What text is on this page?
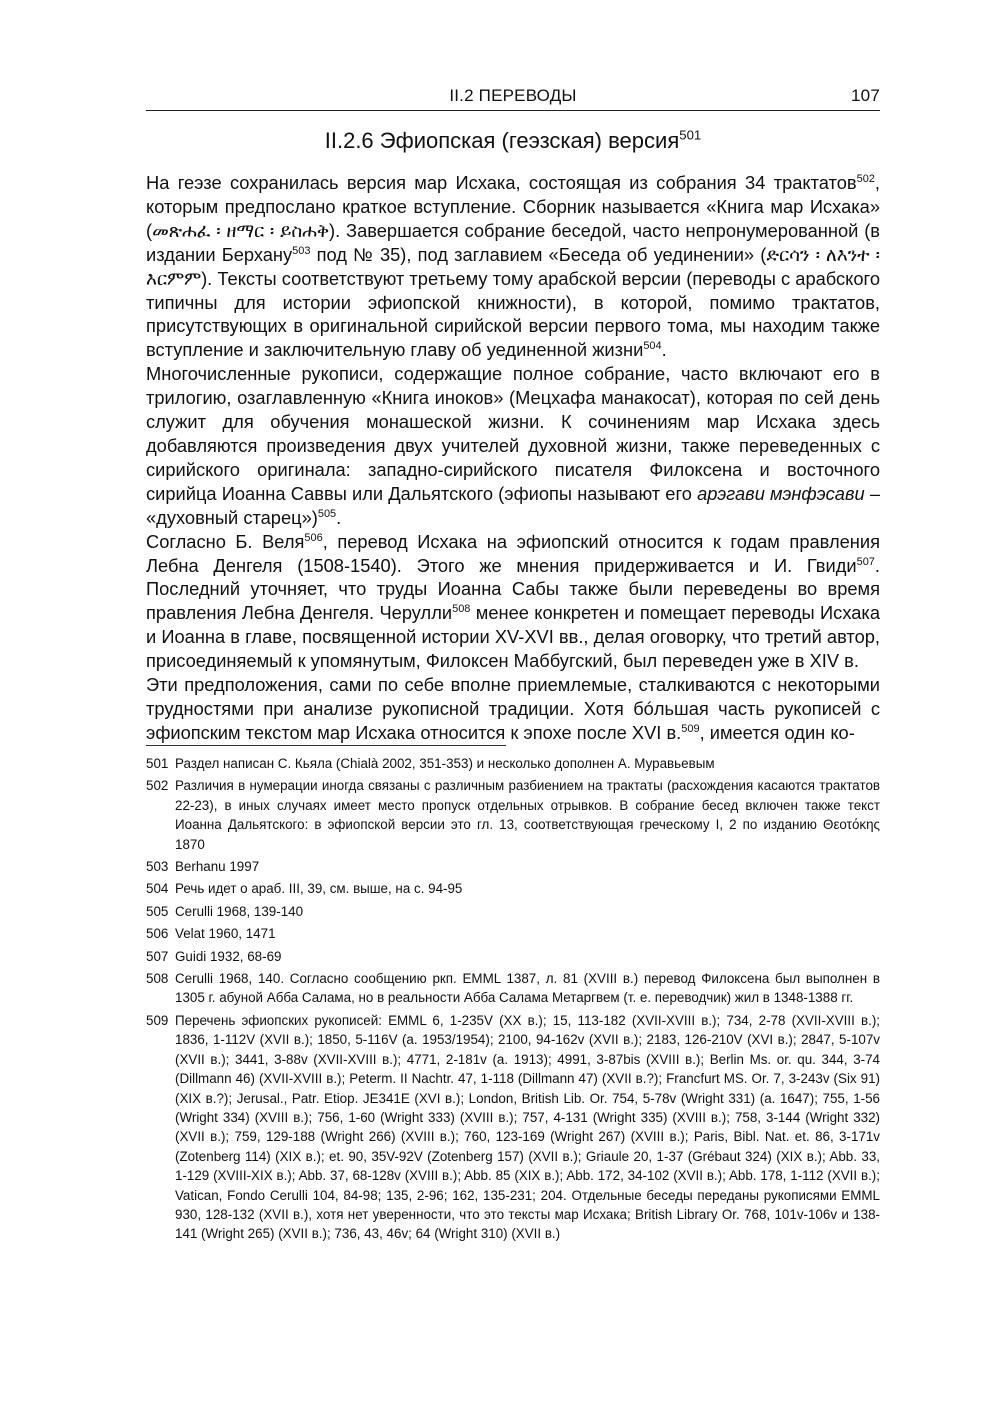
II.2 ПЕРЕВОДЫ	107
II.2.6 Эфиопская (геэзская) версия$^{501}$

На геэзе сохранилась версия мар Исхака, состоящая из собрания 34 трактатов$^{502}$, которым предпослано краткое вступление. Сборник называется «Книга мар Исхака» (መጽሐፈ ፡ ዘማር ፡ ይስሐቅ). Завершается собрание беседой, часто непронумерованной (в издании Берхану$^{503}$ под № 35), под заглавием «Беседа об уединении» (ድርሳን ፡ ለእንተ ፡ እርምም). Тексты соответствуют третьему тому арабской версии (переводы с арабского типичны для истории эфиопской книжности), в которой, помимо трактатов, присутствующих в оригинальной сирийской версии первого тома, мы находим также вступление и заключительную главу об уединенной жизни$^{504}$.

Многочисленные рукописи, содержащие полное собрание, часто включают его в трилогию, озаглавленную «Книга иноков» (Мецхафа манакосат), которая по сей день служит для обучения монашеской жизни. К сочинениям мар Исхака здесь добавляются произведения двух учителей духовной жизни, также переведенных с сирийского оригинала: западно-сирийского писателя Филоксена и восточного сирийца Иоанна Саввы или Дальятского (эфиопы называют его арэгави мэнфэсави – «духовный старец»)$^{505}$.

Согласно Б. Веля$^{506}$, перевод Исхака на эфиопский относится к годам правления Лебна Денгеля (1508-1540). Этого же мнения придерживается и И. Гвиди$^{507}$. Последний уточняет, что труды Иоанна Сабы также были переведены во время правления Лебна Денгеля. Черулли$^{508}$ менее конкретен и помещает переводы Исхака и Иоанна в главе, посвященной истории XV-XVI вв., делая оговорку, что третий автор, присоединяемый к упомянутым, Филоксен Маббугский, был переведен уже в XIV в.

Эти предположения, сами по себе вполне приемлемые, сталкиваются с некоторыми трудностями при анализе рукописной традиции. Хотя бóльшая часть рукописей с эфиопским текстом мар Исхака относится к эпохе после XVI в.$^{509}$, имеется один ко-

501 Раздел написан С. Кьяла (Chialà 2002, 351-353) и несколько дополнен А. Муравьевым
502 Различия в нумерации иногда связаны с различным разбиением на трактаты (расхождения касаются трактатов 22-23), в иных случаях имеет место пропуск отдельных отрывков. В собрание бесед включен также текст Иоанна Дальятского: в эфиопской версии это гл. 13, соответствующая греческому I, 2 по изданию Θεοτόκης 1870
503 Berhanu 1997
504 Речь идет о араб. III, 39, см. выше, на с. 94-95
505 Cerulli 1968, 139-140
506 Velat 1960, 1471
507 Guidi 1932, 68-69
508 Cerulli 1968, 140. Согласно сообщению ркп. EMML 1387, л. 81 (XVIII в.) перевод Филоксена был выполнен в 1305 г. абуной Абба Салама, но в реальности Абба Салама Метаргвем (т. е. переводчик) жил в 1348-1388 гг.
509 Перечень эфиопских рукописей: EMML 6, 1-235V (XX в.); 15, 113-182 (XVII-XVIII в.); 734, 2-78 (XVII-XVIII в.); 1836, 1-112V (XVII в.); 1850, 5-116V (а. 1953/1954); 2100, 94-162v (XVII в.); 2183, 126-210V (XVI в.); 2847, 5-107v (XVII в.); 3441, 3-88v (XVII-XVIII в.); 4771, 2-181v (а. 1913); 4991, 3-87bis (XVIII в.); Berlin Ms. or. qu. 344, 3-74 (Dillmann 46) (XVII-XVIII в.); Peterm. II Nachtr. 47, 1-118 (Dillmann 47) (XVII в.?); Francfurt MS. Or. 7, 3-243v (Six 91) (XIX в.?); Jerusal., Patr. Etiop. JE341E (XVI в.); London, British Lib. Or. 754, 5-78v (Wright 331) (а. 1647); 755, 1-56 (Wright 334) (XVIII в.); 756, 1-60 (Wright 333) (XVIII в.); 757, 4-131 (Wright 335) (XVIII в.); 758, 3-144 (Wright 332) (XVII в.); 759, 129-188 (Wright 266) (XVIII в.); 760, 123-169 (Wright 267) (XVIII в.); Paris, Bibl. Nat. et. 86, 3-171v (Zotenberg 114) (XIX в.); et. 90, 35V-92V (Zotenberg 157) (XVII в.); Griaule 20, 1-37 (Grébaut 324) (XIX в.); Abb. 33, 1-129 (XVIII-XIX в.); Abb. 37, 68-128v (XVIII в.); Abb. 85 (XIX в.); Abb. 172, 34-102 (XVII в.); Abb. 178, 1-112 (XVII в.); Vatican, Fondo Cerulli 104, 84-98; 135, 2-96; 162, 135-231; 204. Отдельные беседы переданы рукописями EMML 930, 128-132 (XVII в.), хотя нет уверенности, что это тексты мар Исхака; British Library Or. 768, 101v-106v и 138-141 (Wright 265) (XVII в.); 736, 43, 46v; 64 (Wright 310) (XVII в.)
